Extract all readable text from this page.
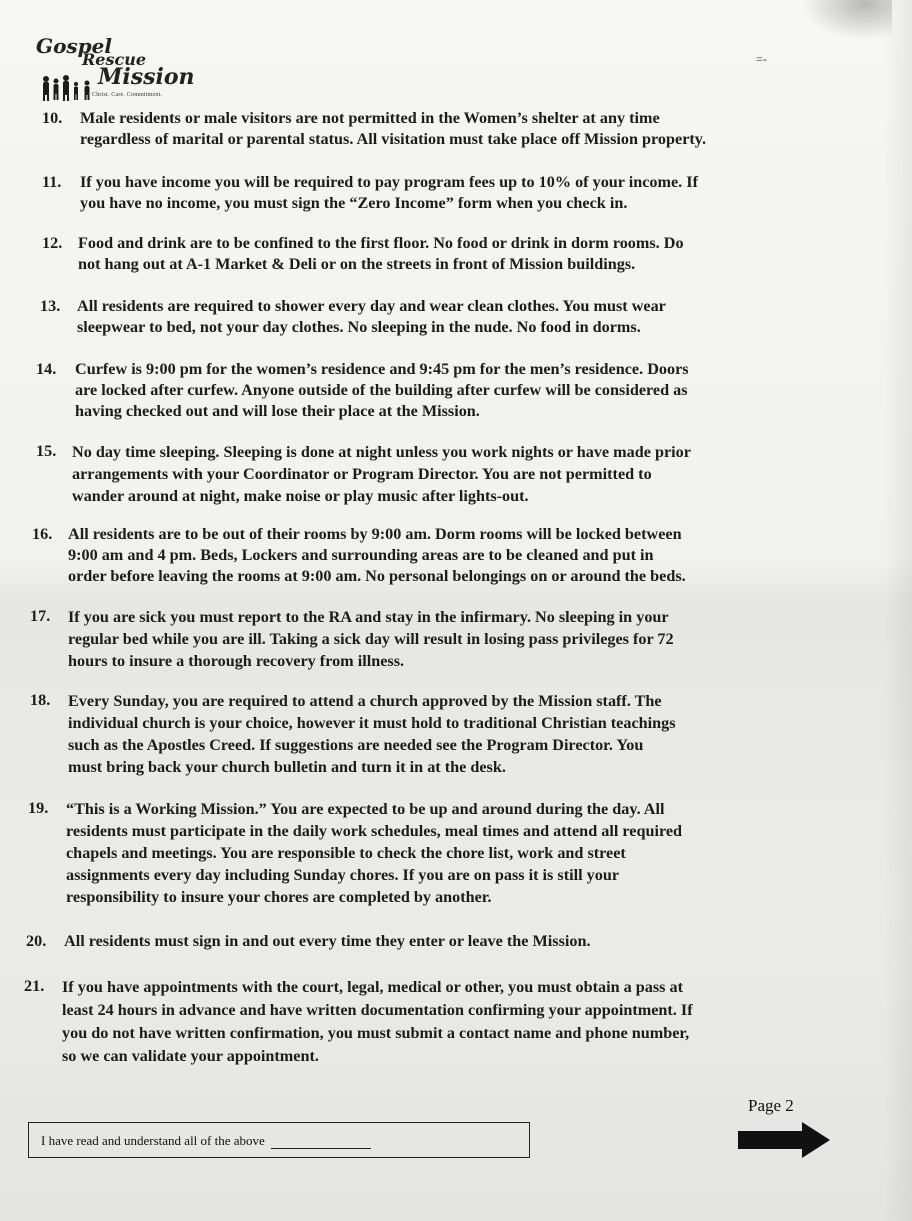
Gospel
Rescue
Mission
Christ. Care. Commitment.
=-
10. Male residents or male visitors are not permitted in the Women’s shelter at any time
regardless of marital or parental status. All visitation must take place off Mission property.
11. If you have income you will be required to pay program fees up to 10% of your income. If
you have no income, you must sign the “Zero Income” form when you check in.
12. Food and drink are to be confined to the first floor. No food or drink in dorm rooms. Do
not hang out at A-1 Market & Deli or on the streets in front of Mission buildings.
13. All residents are required to shower every day and wear clean clothes. You must wear
sleepwear to bed, not your day clothes. No sleeping in the nude. No food in dorms.
14. Curfew is 9:00 pm for the women’s residence and 9:45 pm for the men’s residence. Doors
are locked after curfew. Anyone outside of the building after curfew will be considered as
having checked out and will lose their place at the Mission.
15. No day time sleeping. Sleeping is done at night unless you work nights or have made prior
arrangements with your Coordinator or Program Director. You are not permitted to
wander around at night, make noise or play music after lights-out.
16. All residents are to be out of their rooms by 9:00 am. Dorm rooms will be locked between
9:00 am and 4 pm. Beds, Lockers and surrounding areas are to be cleaned and put in
order before leaving the rooms at 9:00 am. No personal belongings on or around the beds.
17. If you are sick you must report to the RA and stay in the infirmary. No sleeping in your
regular bed while you are ill. Taking a sick day will result in losing pass privileges for 72
hours to insure a thorough recovery from illness.
18. Every Sunday, you are required to attend a church approved by the Mission staff. The
individual church is your choice, however it must hold to traditional Christian teachings
such as the Apostles Creed. If suggestions are needed see the Program Director. You
must bring back your church bulletin and turn it in at the desk.
19. “This is a Working Mission.” You are expected to be up and around during the day. All
residents must participate in the daily work schedules, meal times and attend all required
chapels and meetings. You are responsible to check the chore list, work and street
assignments every day including Sunday chores. If you are on pass it is still your
responsibility to insure your chores are completed by another.
20. All residents must sign in and out every time they enter or leave the Mission.
21. If you have appointments with the court, legal, medical or other, you must obtain a pass at
least 24 hours in advance and have written documentation confirming your appointment. If
you do not have written confirmation, you must submit a contact name and phone number,
so we can validate your appointment.
Page 2
I have read and understand all of the above
